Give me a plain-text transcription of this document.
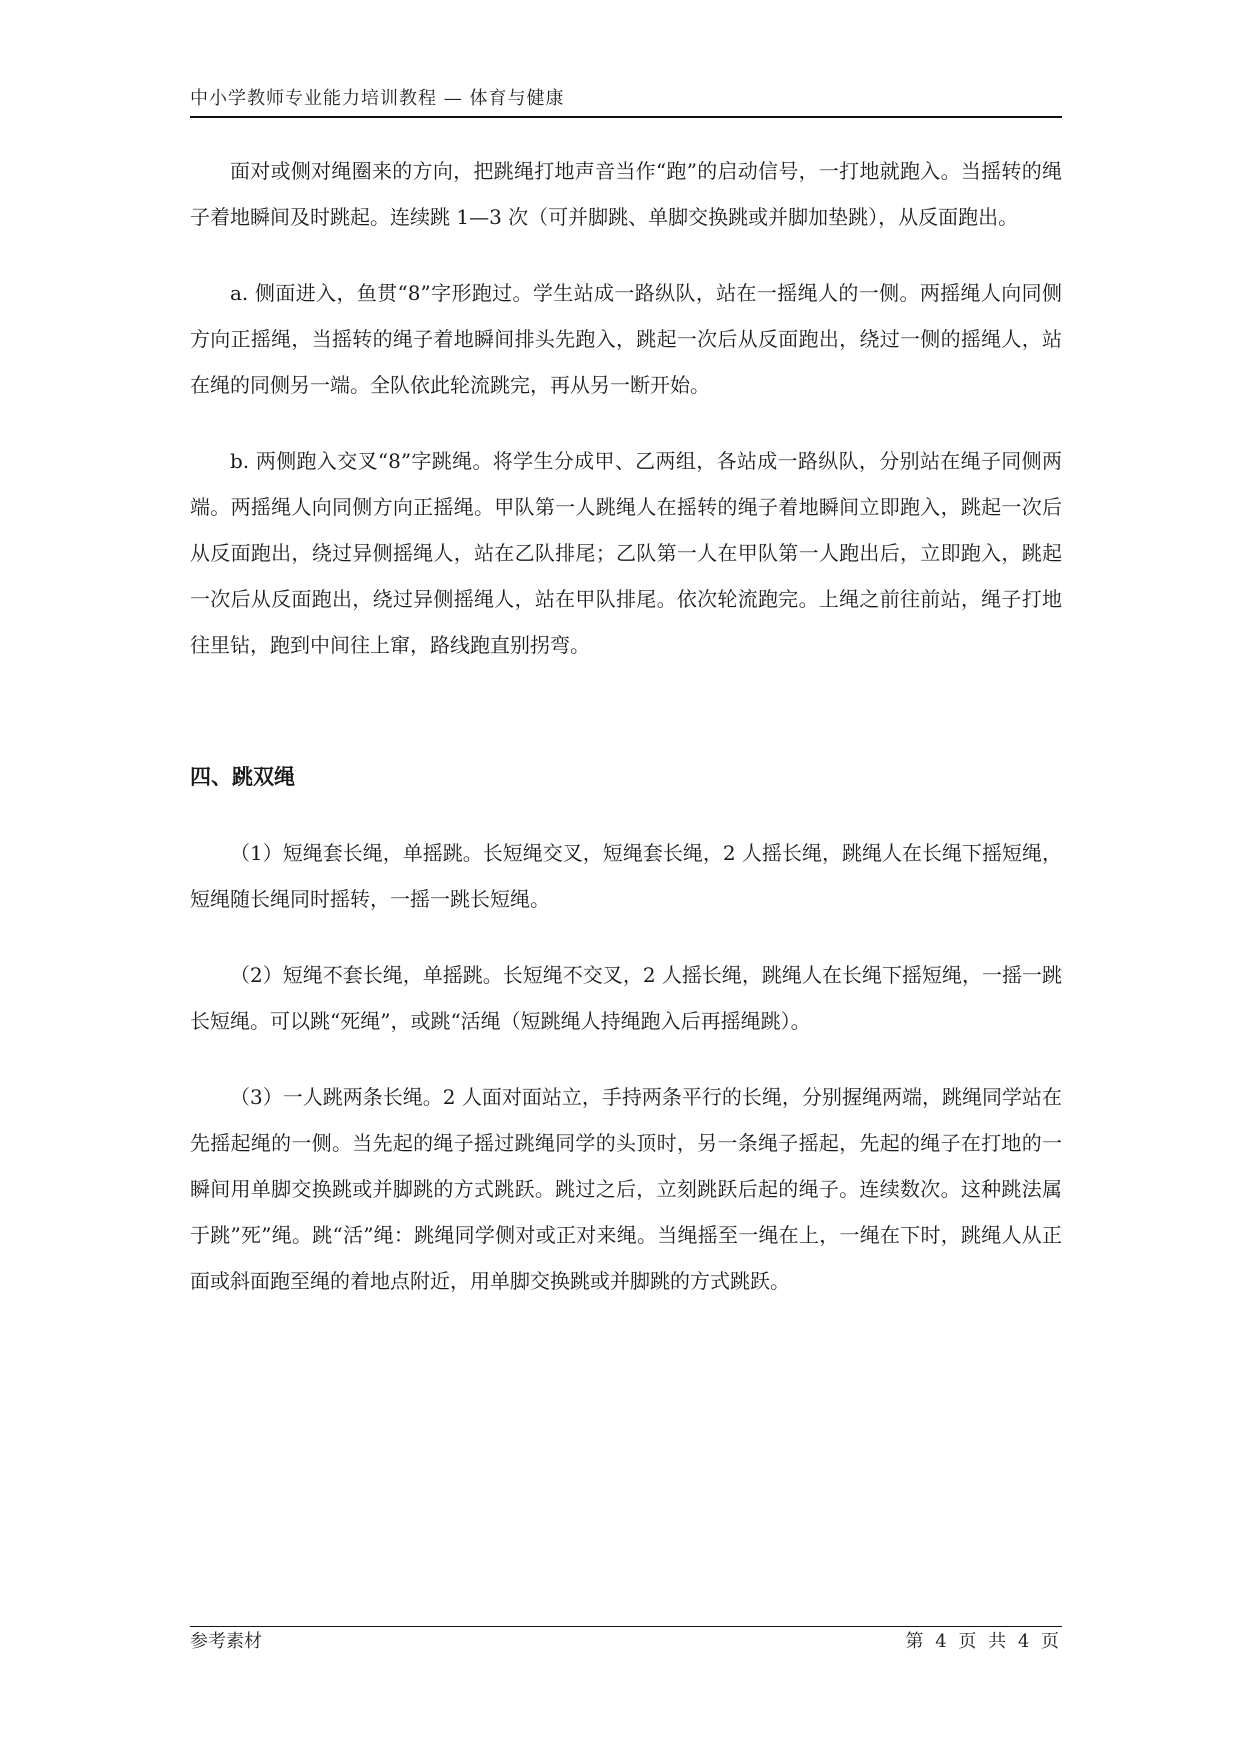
中小学教师专业能力培训教程 — 体育与健康

面对或侧对绳圈来的方向，把跳绳打地声音当作“跑”的启动信号，一打地就跑入。当摇转的绳子着地瞬间及时跳起。连续跳 1—3 次（可并脚跳、单脚交换跳或并脚加垫跳），从反面跑出。

a. 侧面进入，鱼贯“8”字形跑过。学生站成一路纵队，站在一摇绳人的一侧。两摇绳人向同侧方向正摇绳，当摇转的绳子着地瞬间排头先跑入，跳起一次后从反面跑出，绕过一侧的摇绳人，站在绳的同侧另一端。全队依此轮流跳完，再从另一断开始。

b. 两侧跑入交叉“8”字跳绳。将学生分成甲、乙两组，各站成一路纵队，分别站在绳子同侧两端。两摇绳人向同侧方向正摇绳。甲队第一人跳绳人在摇转的绳子着地瞬间立即跑入，跳起一次后从反面跑出，绕过异侧摇绳人，站在乙队排尾；乙队第一人在甲队第一人跑出后，立即跑入，跳起一次后从反面跑出，绕过异侧摇绳人，站在甲队排尾。依次轮流跑完。上绳之前往前站，绳子打地往里钻，跑到中间往上窜，路线跑直别拐弯。

四、跳双绳

（1）短绳套长绳，单摇跳。长短绳交叉，短绳套长绳，2 人摇长绳，跳绳人在长绳下摇短绳，短绳随长绳同时摇转，一摇一跳长短绳。

（2）短绳不套长绳，单摇跳。长短绳不交叉，2 人摇长绳，跳绳人在长绳下摇短绳，一摇一跳长短绳。可以跳“死绳”，或跳“活绳（短跳绳人持绳跑入后再摇绳跳）。

（3）一人跳两条长绳。2 人面对面站立，手持两条平行的长绳，分别握绳两端，跳绳同学站在先摇起绳的一侧。当先起的绳子摇过跳绳同学的头顶时，另一条绳子摇起，先起的绳子在打地的一瞬间用单脚交换跳或并脚跳的方式跳跃。跳过之后，立刻跳跃后起的绳子。连续数次。这种跳法属于跳”死”绳。跳“活”绳：跳绳同学侧对或正对来绳。当绳摇至一绳在上，一绳在下时，跳绳人从正面或斜面跑至绳的着地点附近，用单脚交换跳或并脚跳的方式跳跃。

参考素材	第 4 页 共 4 页
